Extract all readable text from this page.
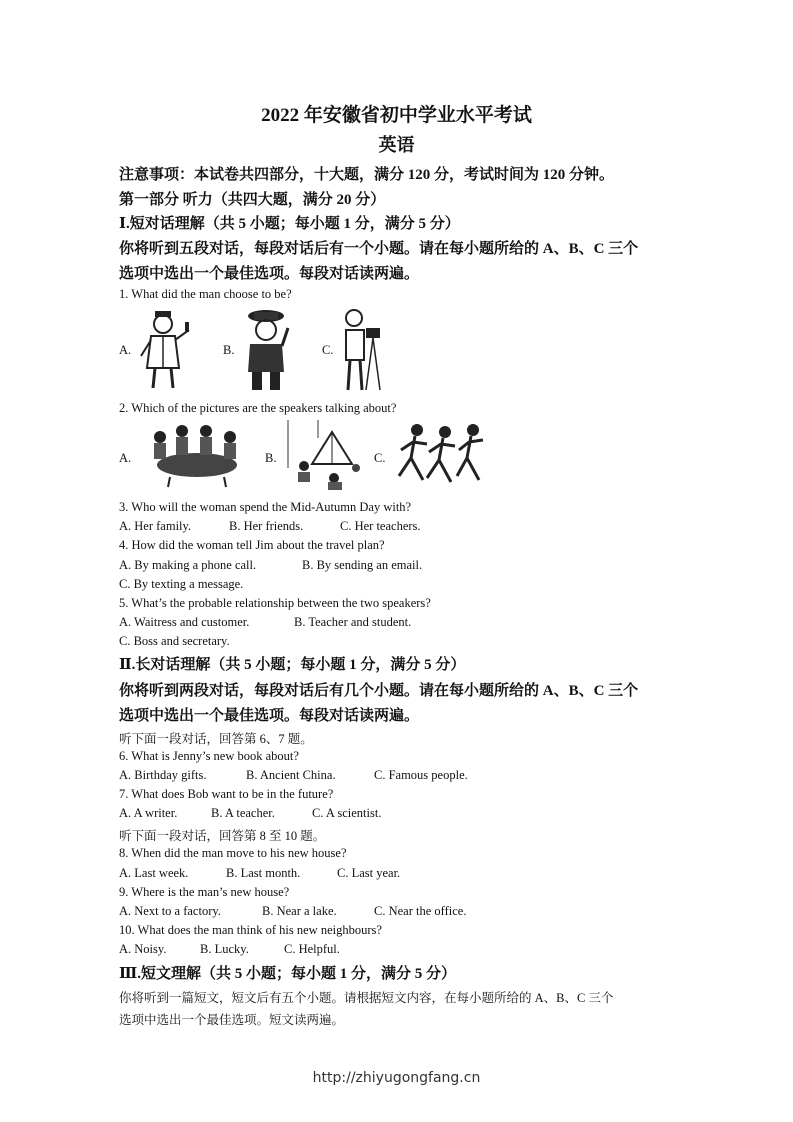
2022 年安徽省初中学业水平考试
英语
注意事项：本试卷共四部分，十大题，满分 120 分，考试时间为 120 分钟。
第一部分 听力（共四大题，满分 20 分）
Ⅰ.短对话理解（共 5 小题；每小题 1 分，满分 5 分）
你将听到五段对话，每段对话后有一个小题。请在每小题所给的 A、B、C 三个
选项中选出一个最佳选项。每段对话读两遍。
1. What did the man choose to be?
A.	B.	C.
2. Which of the pictures are the speakers talking about?
A.	B.	C.
3. Who will the woman spend the Mid-Autumn Day with?
A. Her family.	B. Her friends.	C. Her teachers.
4. How did the woman tell Jim about the travel plan?
A. By making a phone call.	B. By sending an email.
C. By texting a message.
5. What’s the probable relationship between the two speakers?
A. Waitress and customer.	B. Teacher and student.
C. Boss and secretary.
Ⅱ.长对话理解（共 5 小题；每小题 1 分，满分 5 分）
你将听到两段对话，每段对话后有几个小题。请在每小题所给的 A、B、C 三个
选项中选出一个最佳选项。每段对话读两遍。
听下面一段对话，回答第 6、7 题。
6. What is Jenny’s new book about?
A. Birthday gifts.	B. Ancient China.	C. Famous people.
7. What does Bob want to be in the future?
A. A writer.	B. A teacher.	C. A scientist.
听下面一段对话，回答第 8 至 10 题。
8. When did the man move to his new house?
A. Last week.	B. Last month.	C. Last year.
9. Where is the man’s new house?
A. Next to a factory.	B. Near a lake.	C. Near the office.
10. What does the man think of his new neighbours?
A. Noisy.	B. Lucky.	C. Helpful.
Ⅲ.短文理解（共 5 小题；每小题 1 分，满分 5 分）
你将听到一篇短文，短文后有五个小题。请根据短文内容，在每小题所给的 A、B、C 三个
选项中选出一个最佳选项。短文读两遍。
http://zhiyugongfang.cn
